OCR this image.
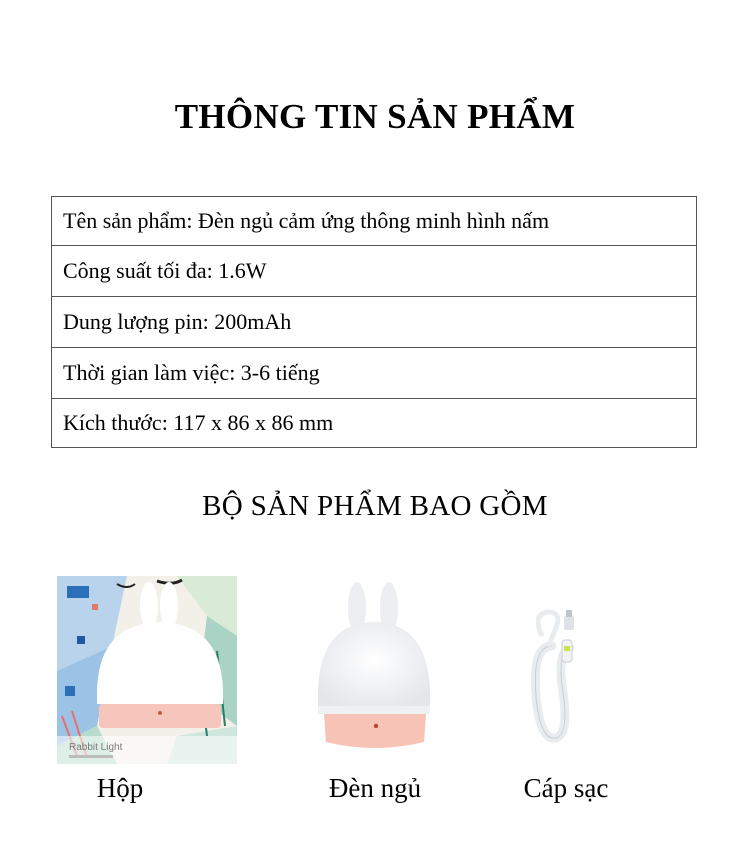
THÔNG TIN SẢN PHẨM
Tên sản phẩm: Đèn ngủ cảm ứng thông minh hình nấm
Công suất tối đa: 1.6W
Dung lượng pin: 200mAh
Thời gian làm việc: 3-6 tiếng
Kích thước: 117 x 86 x 86 mm
BỘ SẢN PHẨM BAO GỒM
Rabbit Light
Hộp	Đèn ngủ	Cáp sạc
